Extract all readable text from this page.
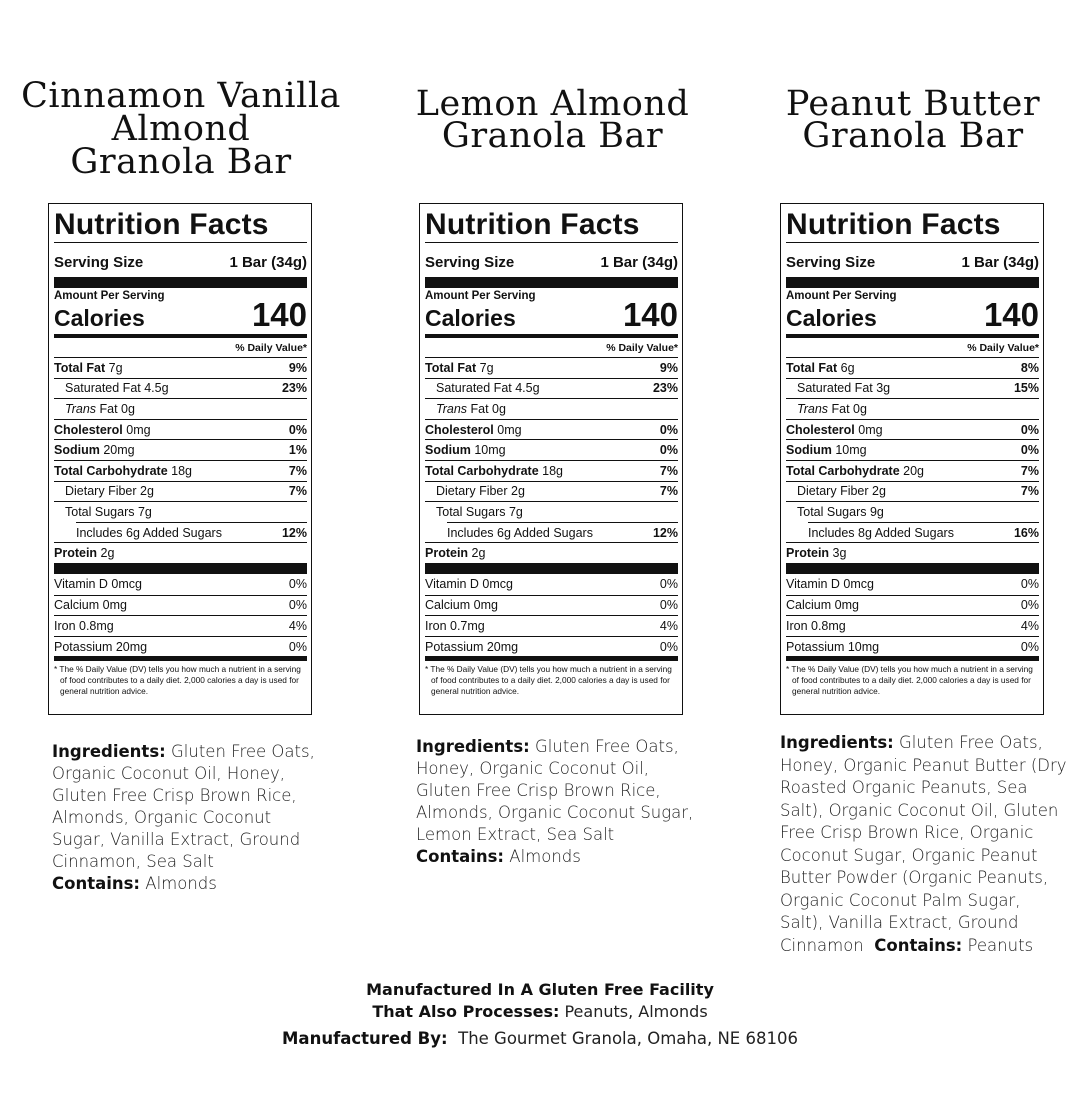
Cinnamon Vanilla
Almond
Granola Bar
Lemon Almond
Granola Bar
Peanut Butter
Granola Bar
Nutrition Facts
Serving Size	1 Bar (34g)
Amount Per Serving
Calories	140
% Daily Value*
Total Fat 7g	9%
Saturated Fat 4.5g	23%
Trans Fat 0g
Cholesterol 0mg	0%
Sodium 20mg	1%
Total Carbohydrate 18g	7%
Dietary Fiber 2g	7%
Total Sugars 7g
Includes 6g Added Sugars	12%
Protein 2g
Vitamin D 0mcg	0%
Calcium 0mg	0%
Iron 0.8mg	4%
Potassium 20mg	0%
* The % Daily Value (DV) tells you how much a nutrient in a serving of food contributes to a daily diet. 2,000 calories a day is used for general nutrition advice.
Nutrition Facts
Serving Size	1 Bar (34g)
Amount Per Serving
Calories	140
% Daily Value*
Total Fat 7g	9%
Saturated Fat 4.5g	23%
Trans Fat 0g
Cholesterol 0mg	0%
Sodium 10mg	0%
Total Carbohydrate 18g	7%
Dietary Fiber 2g	7%
Total Sugars 7g
Includes 6g Added Sugars	12%
Protein 2g
Vitamin D 0mcg	0%
Calcium 0mg	0%
Iron 0.7mg	4%
Potassium 20mg	0%
* The % Daily Value (DV) tells you how much a nutrient in a serving of food contributes to a daily diet. 2,000 calories a day is used for general nutrition advice.
Nutrition Facts
Serving Size	1 Bar (34g)
Amount Per Serving
Calories	140
% Daily Value*
Total Fat 6g	8%
Saturated Fat 3g	15%
Trans Fat 0g
Cholesterol 0mg	0%
Sodium 10mg	0%
Total Carbohydrate 20g	7%
Dietary Fiber 2g	7%
Total Sugars 9g
Includes 8g Added Sugars	16%
Protein 3g
Vitamin D 0mcg	0%
Calcium 0mg	0%
Iron 0.8mg	4%
Potassium 10mg	0%
* The % Daily Value (DV) tells you how much a nutrient in a serving of food contributes to a daily diet. 2,000 calories a day is used for general nutrition advice.
Ingredients: Gluten Free Oats,
Organic Coconut Oil, Honey,
Gluten Free Crisp Brown Rice,
Almonds, Organic Coconut
Sugar, Vanilla Extract, Ground
Cinnamon, Sea Salt
Contains: Almonds
Ingredients: Gluten Free Oats,
Honey, Organic Coconut Oil,
Gluten Free Crisp Brown Rice,
Almonds, Organic Coconut Sugar,
Lemon Extract, Sea Salt
Contains: Almonds
Ingredients: Gluten Free Oats,
Honey, Organic Peanut Butter (Dry
Roasted Organic Peanuts, Sea
Salt), Organic Coconut Oil, Gluten
Free Crisp Brown Rice, Organic
Coconut Sugar, Organic Peanut
Butter Powder (Organic Peanuts,
Organic Coconut Palm Sugar,
Salt), Vanilla Extract, Ground
Cinnamon  Contains: Peanuts
Manufactured In A Gluten Free Facility
That Also Processes: Peanuts, Almonds
Manufactured By: The Gourmet Granola, Omaha, NE 68106
